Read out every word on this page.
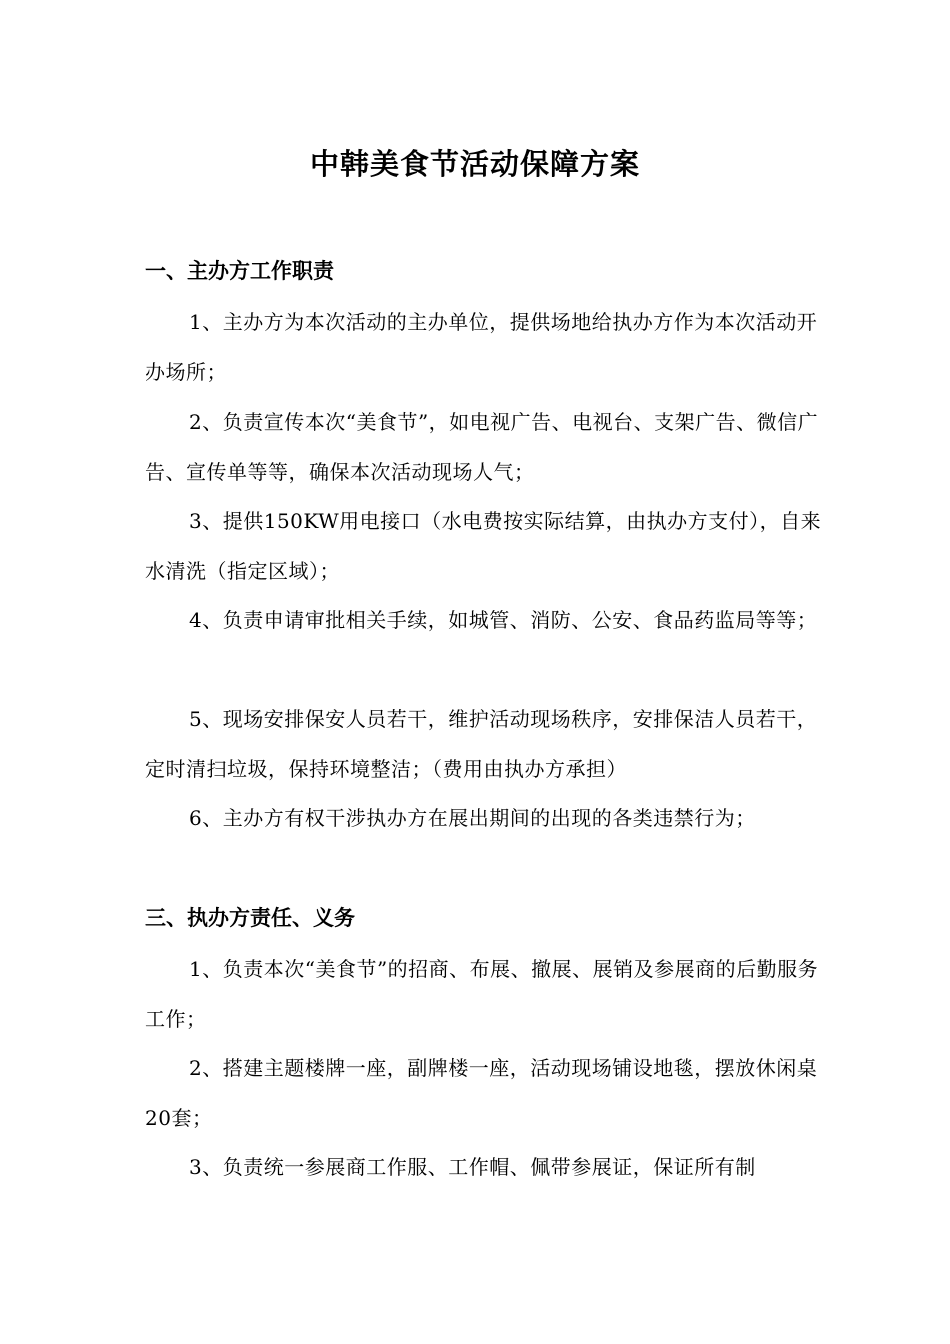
中韩美食节活动保障方案
一、主办方工作职责

1、主办方为本次活动的主办单位，提供场地给执办方作为本次活动开办场所；

2、负责宣传本次“美食节”，如电视广告、电视台、支架广告、微信广告、宣传单等等，确保本次活动现场人气；

3、提供150KW用电接口（水电费按实际结算，由执办方支付），自来水清洗（指定区域）；

4、负责申请审批相关手续，如城管、消防、公安、食品药监局等等；

5、现场安排保安人员若干，维护活动现场秩序，安排保洁人员若干，定时清扫垃圾，保持环境整洁；（费用由执办方承担）

6、主办方有权干涉执办方在展出期间的出现的各类违禁行为；

三、执办方责任、义务

1、负责本次“美食节”的招商、布展、撤展、展销及参展商的后勤服务工作；

2、搭建主题楼牌一座，副牌楼一座，活动现场铺设地毯，摆放休闲桌20套；

3、负责统一参展商工作服、工作帽、佩带参展证，保证所有制
